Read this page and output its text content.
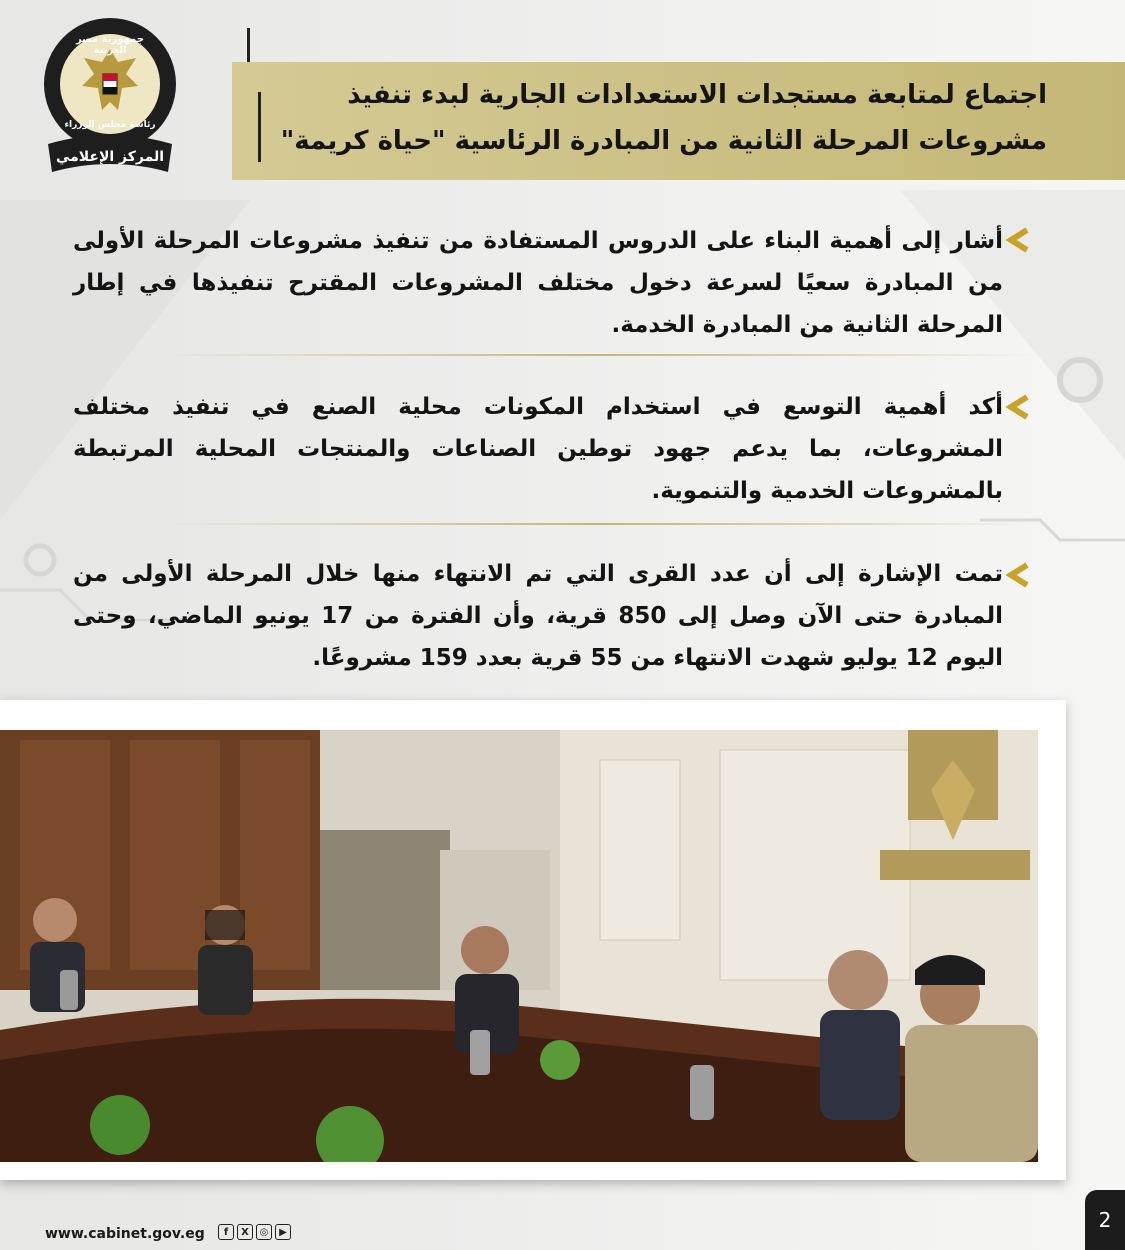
جمهورية مصر العربية
رئاسة مجلس الوزراء
المركز الإعلامي
اجتماع لمتابعة مستجدات الاستعدادات الجارية لبدء تنفيذ
مشروعات المرحلة الثانية من المبادرة الرئاسية "حياة كريمة"
أشار إلى أهمية البناء على الدروس المستفادة من تنفيذ مشروعات المرحلة الأولى من المبادرة سعيًا لسرعة دخول مختلف المشروعات المقترح تنفيذها في إطار المرحلة الثانية من المبادرة الخدمة.
أكد أهمية التوسع في استخدام المكونات محلية الصنع في تنفيذ مختلف المشروعات، بما يدعم جهود توطين الصناعات والمنتجات المحلية المرتبطة بالمشروعات الخدمية والتنموية.
تمت الإشارة إلى أن عدد القرى التي تم الانتهاء منها خلال المرحلة الأولى من المبادرة حتى الآن وصل إلى 850 قرية، وأن الفترة من 17 يونيو الماضي، وحتى اليوم 12 يوليو شهدت الانتهاء من 55 قرية بعدد 159 مشروعًا.
www.cabinet.gov.eg	f	X	◎	▶	2
